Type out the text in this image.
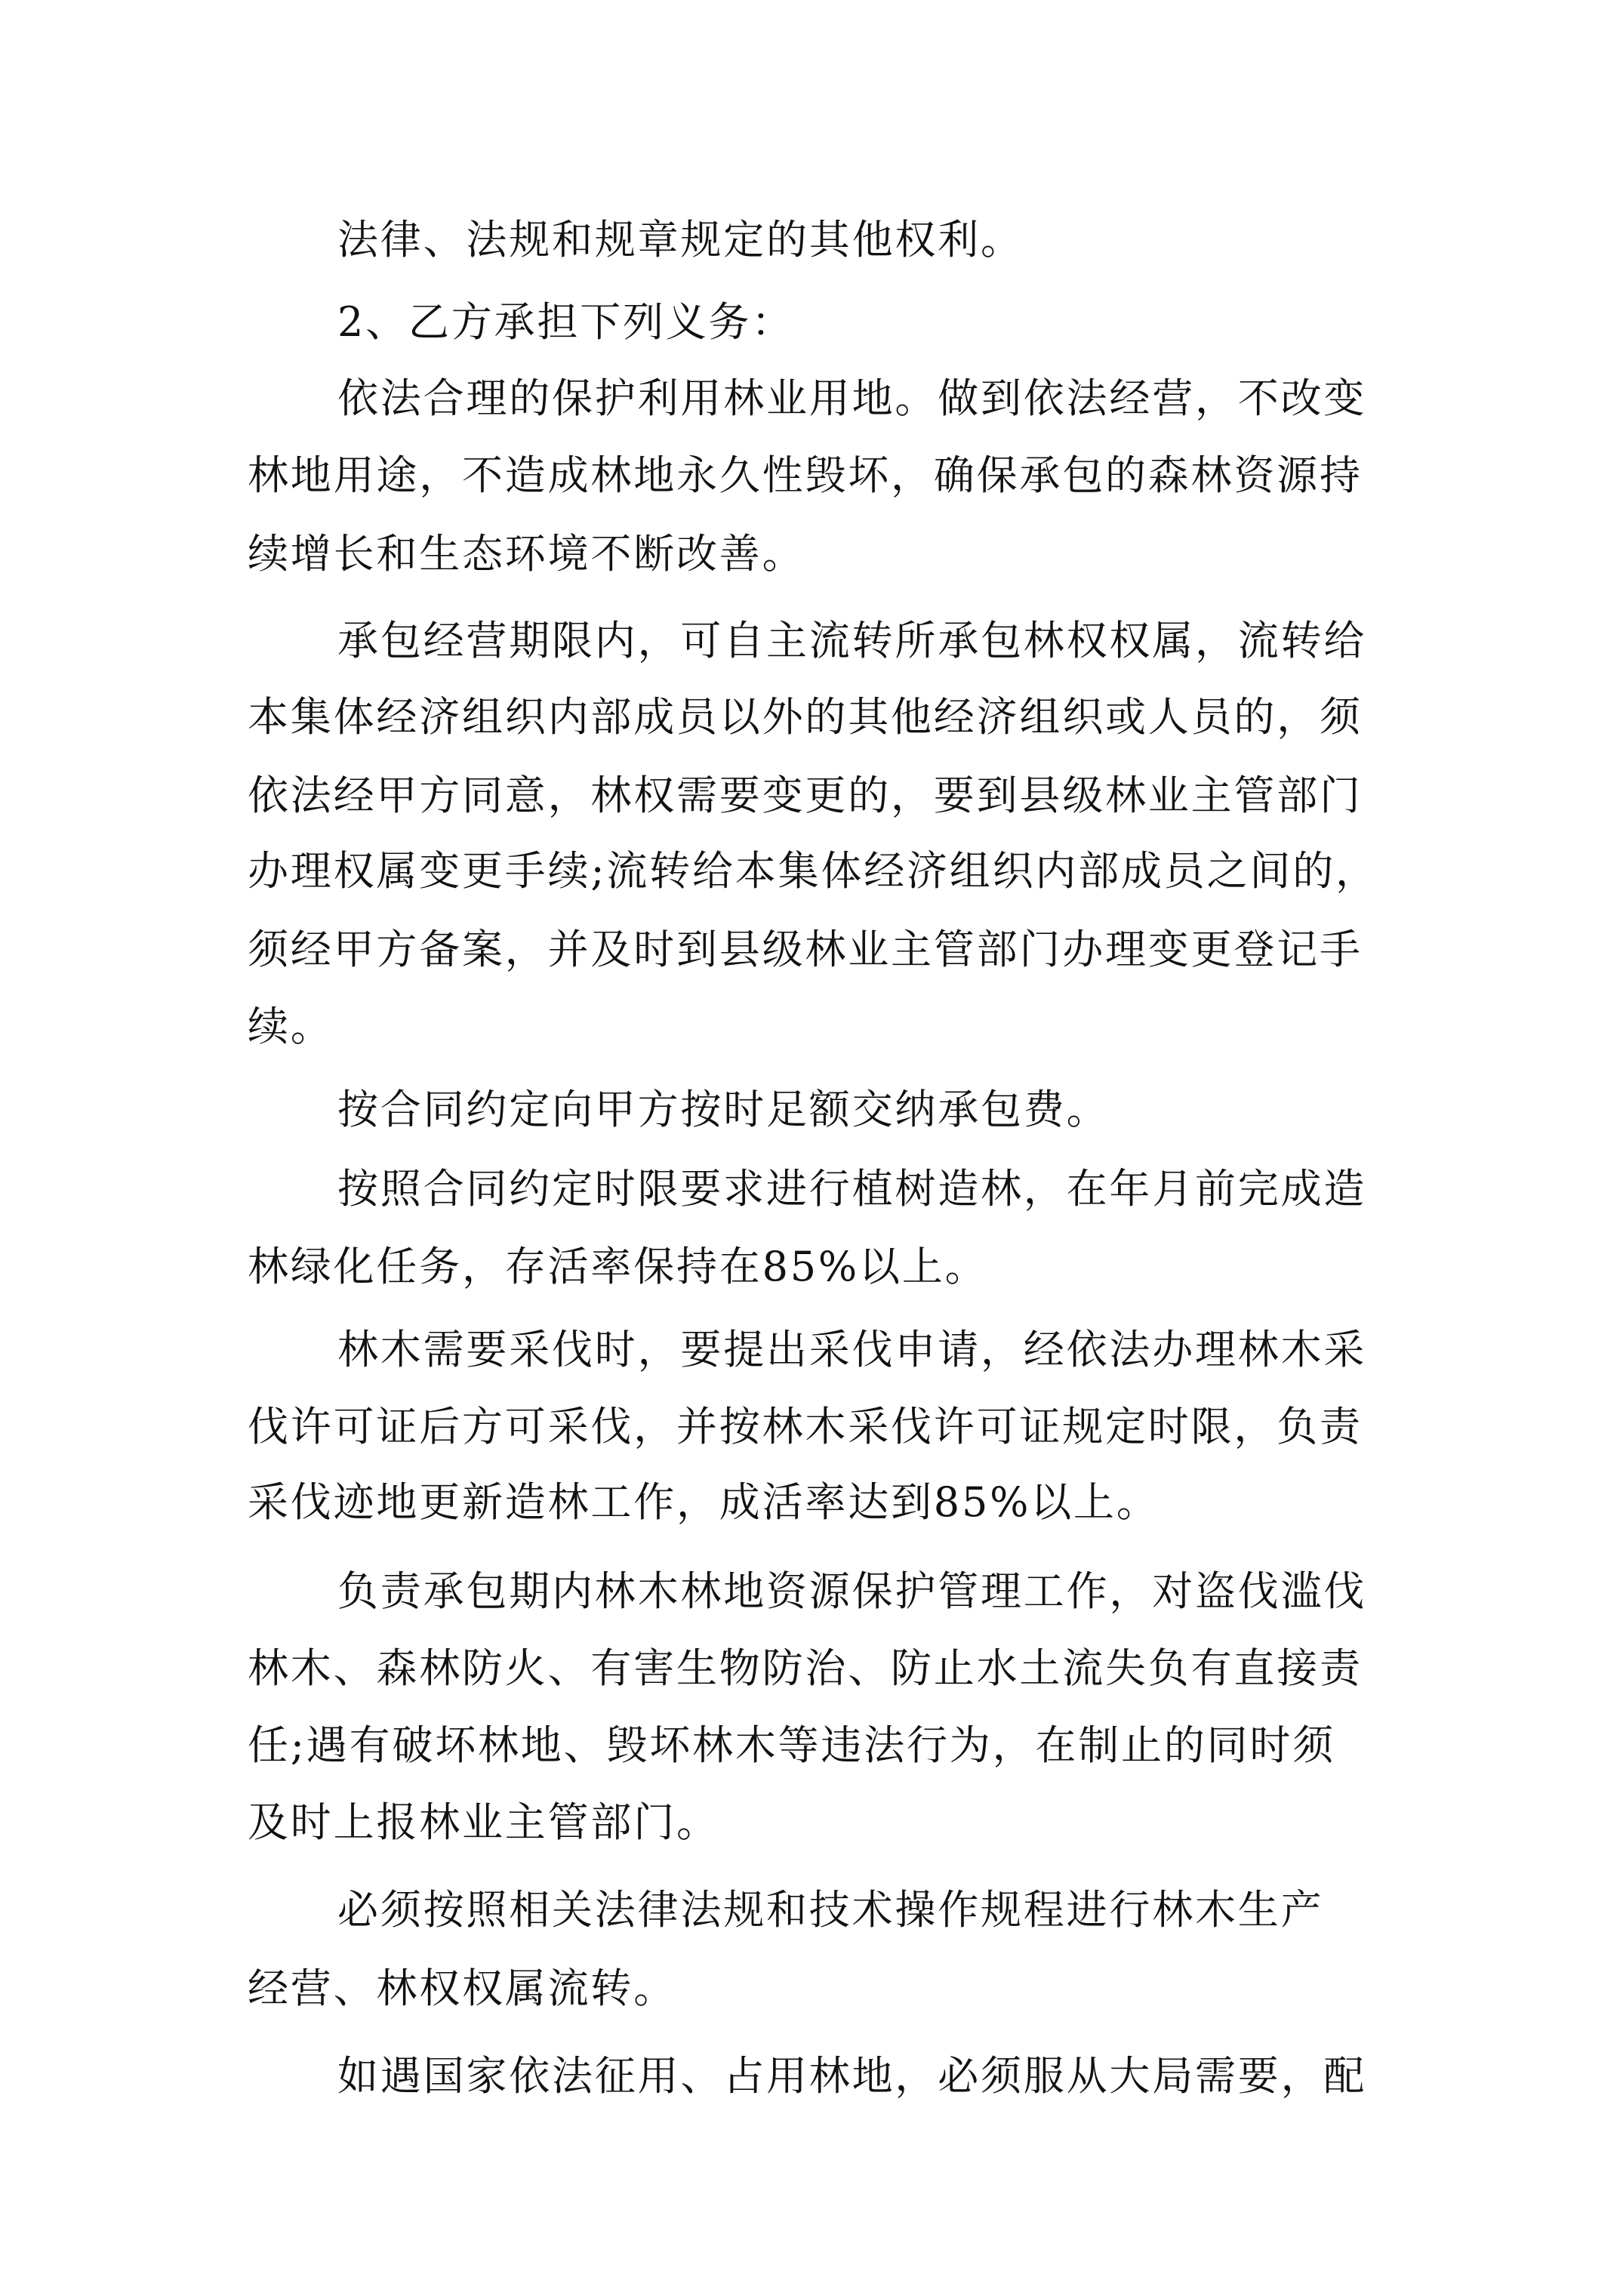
法律、法规和规章规定的其他权利。

2、乙方承担下列义务：

依法合理的保护利用林业用地。做到依法经营，不改变

林地用途，不造成林地永久性毁坏，确保承包的森林资源持

续增长和生态环境不断改善。

承包经营期限内，可自主流转所承包林权权属，流转给

本集体经济组织内部成员以外的其他经济组织或人员的，须

依法经甲方同意，林权需要变更的，要到县级林业主管部门

办理权属变更手续;流转给本集体经济组织内部成员之间的，

须经甲方备案，并及时到县级林业主管部门办理变更登记手

续。

按合同约定向甲方按时足额交纳承包费。

按照合同约定时限要求进行植树造林，在年月前完成造

林绿化任务，存活率保持在85%以上。

林木需要采伐时，要提出采伐申请，经依法办理林木采

伐许可证后方可采伐，并按林木采伐许可证规定时限，负责

采伐迹地更新造林工作，成活率达到85%以上。

负责承包期内林木林地资源保护管理工作，对盗伐滥伐

林木、森林防火、有害生物防治、防止水土流失负有直接责

任;遇有破坏林地、毁坏林木等违法行为，在制止的同时须

及时上报林业主管部门。

必须按照相关法律法规和技术操作规程进行林木生产

经营、林权权属流转。

如遇国家依法征用、占用林地，必须服从大局需要，配
